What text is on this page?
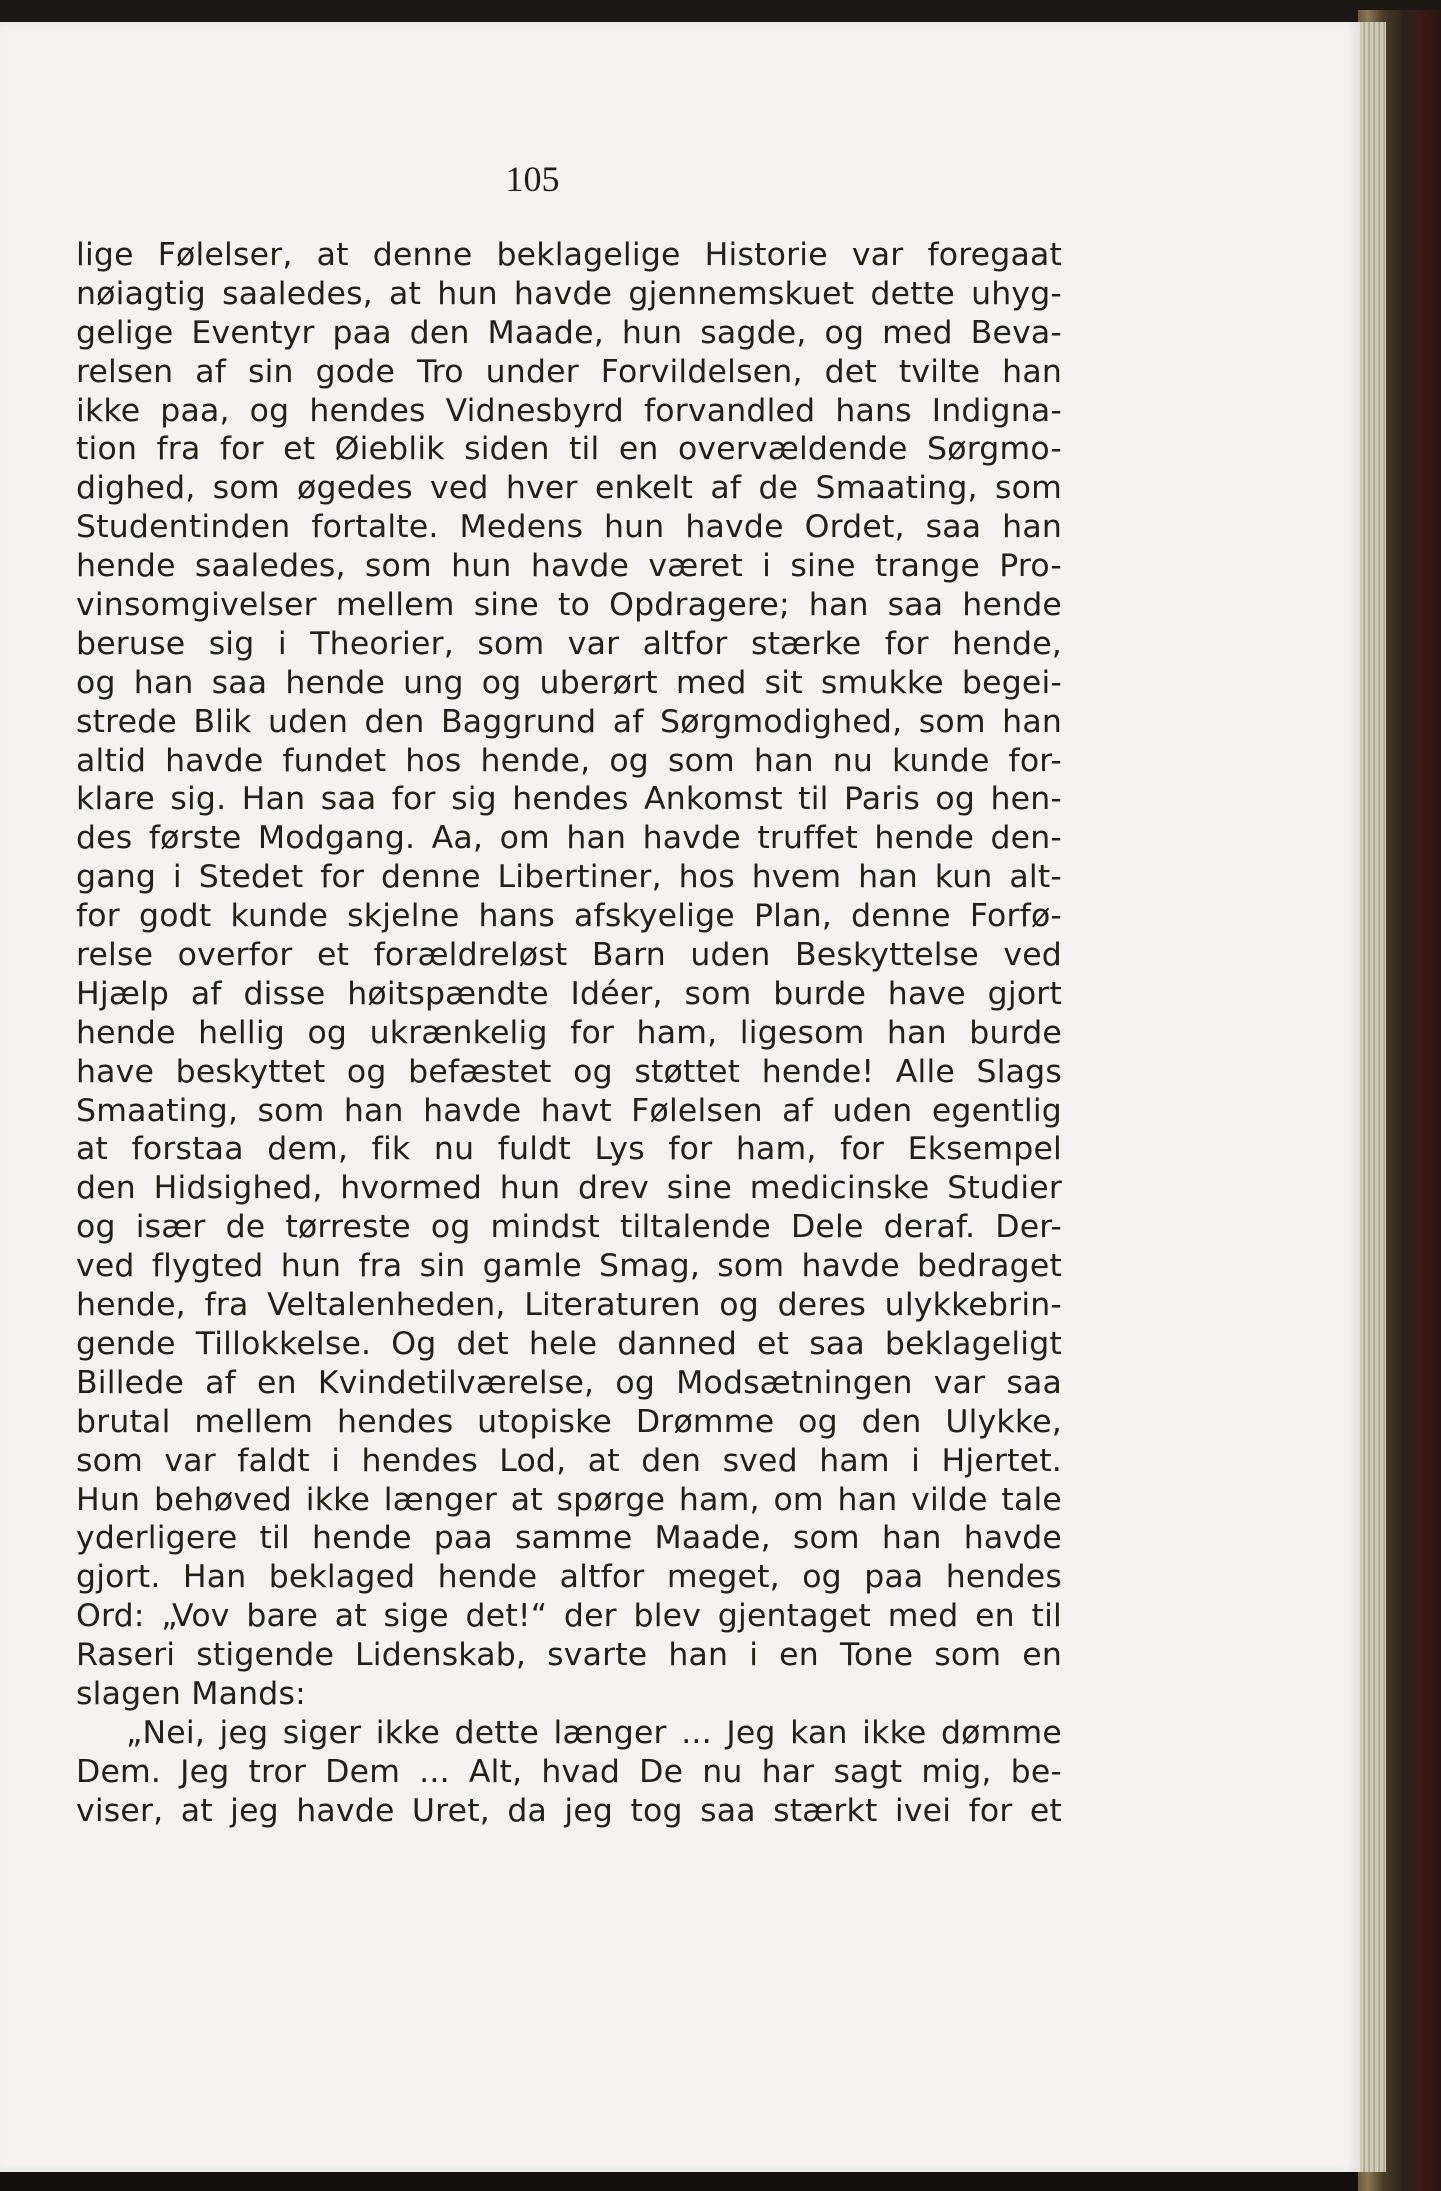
105
lige Følelser, at denne beklagelige Historie var foregaat
nøiagtig saaledes, at hun havde gjennemskuet dette uhyg-
gelige Eventyr paa den Maade, hun sagde, og med Beva-
relsen af sin gode Tro under Forvildelsen, det tvilte han
ikke paa, og hendes Vidnesbyrd forvandled hans Indigna-
tion fra for et Øieblik siden til en overvældende Sørgmo-
dighed, som øgedes ved hver enkelt af de Smaating, som
Studentinden fortalte. Medens hun havde Ordet, saa han
hende saaledes, som hun havde været i sine trange Pro-
vinsomgivelser mellem sine to Opdragere; han saa hende
beruse sig i Theorier, som var altfor stærke for hende,
og han saa hende ung og uberørt med sit smukke begei-
strede Blik uden den Baggrund af Sørgmodighed, som han
altid havde fundet hos hende, og som han nu kunde for-
klare sig. Han saa for sig hendes Ankomst til Paris og hen-
des første Modgang. Aa, om han havde truffet hende den-
gang i Stedet for denne Libertiner, hos hvem han kun alt-
for godt kunde skjelne hans afskyelige Plan, denne Forfø-
relse overfor et forældreløst Barn uden Beskyttelse ved
Hjælp af disse høitspændte Idéer, som burde have gjort
hende hellig og ukrænkelig for ham, ligesom han burde
have beskyttet og befæstet og støttet hende! Alle Slags
Smaating, som han havde havt Følelsen af uden egentlig
at forstaa dem, fik nu fuldt Lys for ham, for Eksempel
den Hidsighed, hvormed hun drev sine medicinske Studier
og især de tørreste og mindst tiltalende Dele deraf. Der-
ved flygted hun fra sin gamle Smag, som havde bedraget
hende, fra Veltalenheden, Literaturen og deres ulykkebrin-
gende Tillokkelse. Og det hele danned et saa beklageligt
Billede af en Kvindetilværelse, og Modsætningen var saa
brutal mellem hendes utopiske Drømme og den Ulykke,
som var faldt i hendes Lod, at den sved ham i Hjertet.
Hun behøved ikke længer at spørge ham, om han vilde tale
yderligere til hende paa samme Maade, som han havde
gjort. Han beklaged hende altfor meget, og paa hendes
Ord: „Vov bare at sige det!“ der blev gjentaget med en til
Raseri stigende Lidenskab, svarte han i en Tone som en
slagen Mands:
„Nei, jeg siger ikke dette længer ... Jeg kan ikke dømme
Dem. Jeg tror Dem ... Alt, hvad De nu har sagt mig, be-
viser, at jeg havde Uret, da jeg tog saa stærkt ivei for et
